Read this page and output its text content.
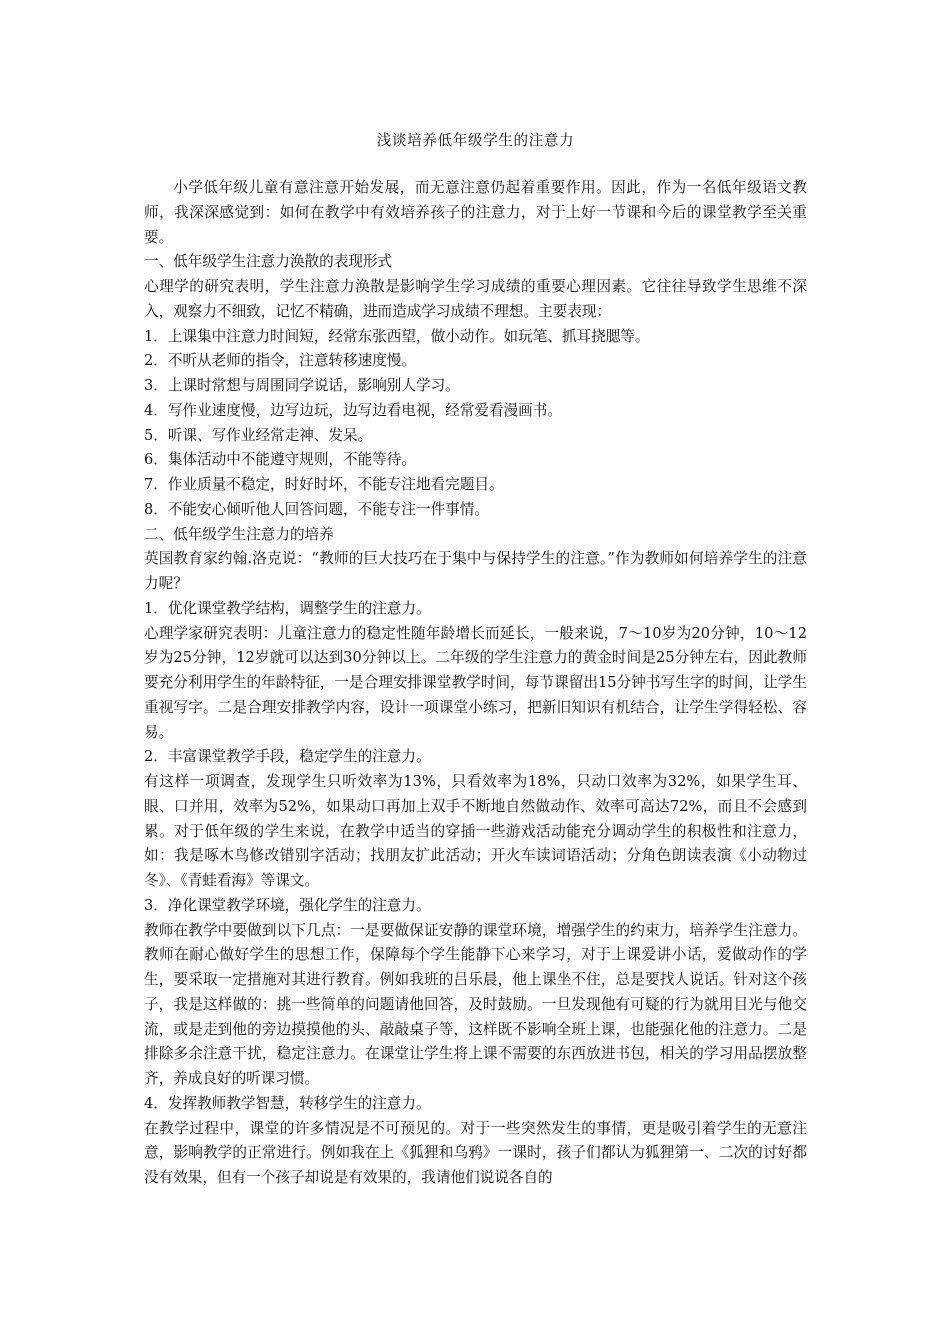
浅谈培养低年级学生的注意力

小学低年级儿童有意注意开始发展，而无意注意仍起着重要作用。因此，作为一名低年级语文教师，我深深感觉到：如何在教学中有效培养孩子的注意力，对于上好一节课和今后的课堂教学至关重要。

一、低年级学生注意力涣散的表现形式

心理学的研究表明，学生注意力涣散是影响学生学习成绩的重要心理因素。它往往导致学生思维不深入，观察力不细致，记忆不精确，进而造成学习成绩不理想。主要表现：

1．上课集中注意力时间短，经常东张西望，做小动作。如玩笔、抓耳挠腮等。

2．不听从老师的指令，注意转移速度慢。

3．上课时常想与周围同学说话，影响别人学习。

4．写作业速度慢，边写边玩，边写边看电视，经常爱看漫画书。

5．听课、写作业经常走神、发呆。

6．集体活动中不能遵守规则，不能等待。

7．作业质量不稳定，时好时坏，不能专注地看完题目。

8．不能安心倾听他人回答问题，不能专注一件事情。

二、低年级学生注意力的培养

英国教育家约翰.洛克说：“教师的巨大技巧在于集中与保持学生的注意。”作为教师如何培养学生的注意力呢？

1．优化课堂教学结构，调整学生的注意力。

心理学家研究表明：儿童注意力的稳定性随年龄增长而延长，一般来说，7～10岁为20分钟，10～12岁为25分钟，12岁就可以达到30分钟以上。二年级的学生注意力的黄金时间是25分钟左右，因此教师要充分利用学生的年龄特征，一是合理安排课堂教学时间，每节课留出15分钟书写生字的时间，让学生重视写字。二是合理安排教学内容，设计一项课堂小练习，把新旧知识有机结合，让学生学得轻松、容易。

2．丰富课堂教学手段，稳定学生的注意力。

有这样一项调查，发现学生只听效率为13%，只看效率为18%，只动口效率为32%，如果学生耳、眼、口并用，效率为52%，如果动口再加上双手不断地自然做动作、效率可高达72%，而且不会感到累。对于低年级的学生来说，在教学中适当的穿插一些游戏活动能充分调动学生的积极性和注意力，如：我是啄木鸟修改错别字活动；找朋友扩此活动；开火车读词语活动；分角色朗读表演《小动物过冬》、《青蛙看海》等课文。

3．净化课堂教学环境，强化学生的注意力。

教师在教学中要做到以下几点：一是要做保证安静的课堂环境，增强学生的约束力，培养学生注意力。教师在耐心做好学生的思想工作，保障每个学生能静下心来学习，对于上课爱讲小话，爱做动作的学生，要采取一定措施对其进行教育。例如我班的吕乐晨，他上课坐不住，总是要找人说话。针对这个孩子，我是这样做的：挑一些简单的问题请他回答，及时鼓励。一旦发现他有可疑的行为就用目光与他交流，或是走到他的旁边摸摸他的头、敲敲桌子等，这样既不影响全班上课，也能强化他的注意力。二是排除多余注意干扰，稳定注意力。在课堂让学生将上课不需要的东西放进书包，相关的学习用品摆放整齐，养成良好的听课习惯。

4．发挥教师教学智慧，转移学生的注意力。

在教学过程中，课堂的许多情况是不可预见的。对于一些突然发生的事情，更是吸引着学生的无意注意，影响教学的正常进行。例如我在上《狐狸和乌鸦》一课时，孩子们都认为狐狸第一、二次的讨好都没有效果，但有一个孩子却说是有效果的，我请他们说说各自的
